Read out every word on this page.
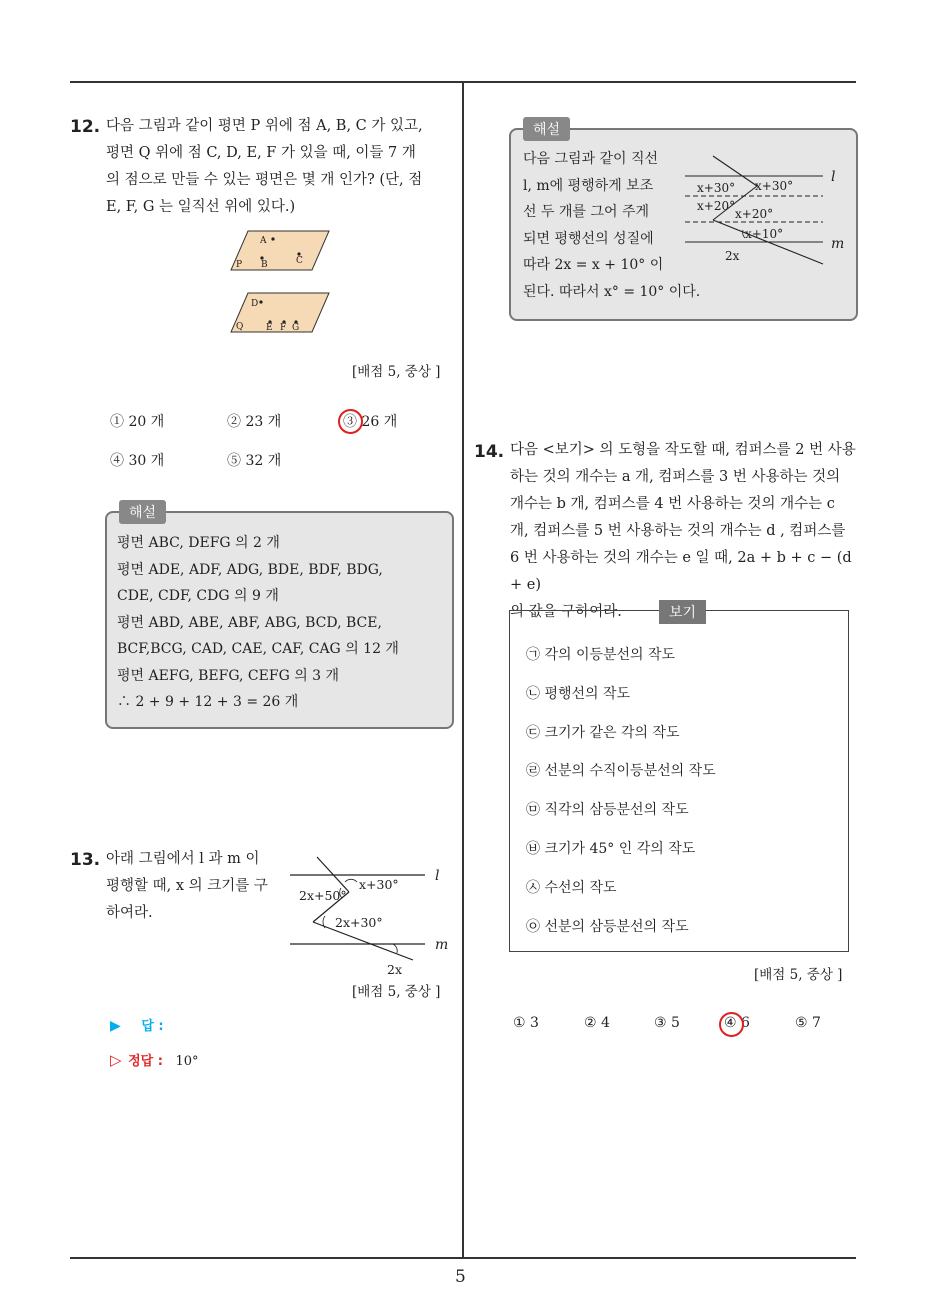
5
12. 다음 그림과 같이 평면 P 위에 점 A, B, C 가 있고,
평면 Q 위에 점 C, D, E, F 가 있을 때, 이들 7 개
의 점으로 만들 수 있는 평면은 몇 개 인가? (단, 점
E, F, G 는 일직선 위에 있다.)
A
P B	C
D
Q	E F G
[배점 5, 중상 ]
① 20 개	② 23 개	③ 26 개
④ 30 개	⑤ 32 개
평면 ABC, DEFG 의 2 개
평면 ADE, ADF, ADG, BDE, BDF, BDG,
CDE, CDF, CDG 의 9 개
평면 ABD, ABE, ABF, ABG, BCD, BCE,
BCF,BCG, CAD, CAE, CAF, CAG 의 12 개
평면 AEFG, BEFG, CEFG 의 3 개
∴ 2 + 9 + 12 + 3 = 26 개
해설
13. 아래 그림에서 l 과 m 이
평행할 때, x 의 크기를 구
하여라.
l
m
x+30°
2x+50°
2x+30°
2x
[배점 5, 중상 ]
▶ 답 :
▷ 정답 : 10°
다음 그림과 같이 직선
l, m에 평행하게 보조
선 두 개를 그어 주게
되면 평행선의 성질에
따라 2x = x + 10° 이
된다. 따라서 x° = 10° 이다.
l
m
x+30° x+30°
x+20°
x+20°
x+10°
2x
해설
14. 다음 <보기> 의 도형을 작도할 때, 컴퍼스를 2 번 사용
하는 것의 개수는 a 개, 컴퍼스를 3 번 사용하는 것의
개수는 b 개, 컴퍼스를 4 번 사용하는 것의 개수는 c
개, 컴퍼스를 5 번 사용하는 것의 개수는 d , 컴퍼스를
6 번 사용하는 것의 개수는 e 일 때, 2a + b + c − (d + e)
의 값을 구하여라.	보기
㉠ 각의 이등분선의 작도
㉡ 평행선의 작도
㉢ 크기가 같은 각의 작도
㉣ 선분의 수직이등분선의 작도
㉤ 직각의 삼등분선의 작도
㉥ 크기가 45° 인 각의 작도
㉦ 수선의 작도
㉧ 선분의 삼등분선의 작도
[배점 5, 중상 ]
① 3	② 4	③ 5	④ 6	⑤ 7
